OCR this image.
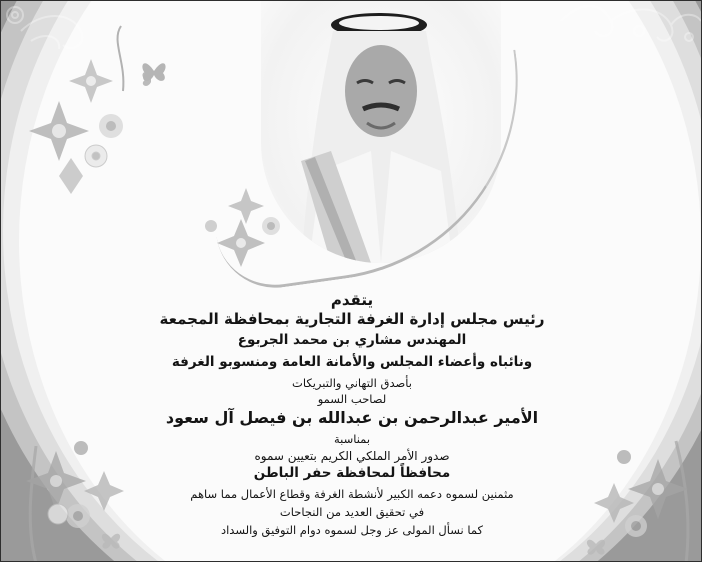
يتقدم
رئيس مجلس إدارة الغرفة التجارية بمحافظة المجمعة
المهندس مشاري بن محمد الجربوع
ونائباه وأعضاء المجلس والأمانة العامة ومنسوبو الغرفة
بأصدق التهاني والتبريكات
لصاحب السمو
الأمير عبدالرحمن بن عبدالله بن فيصل آل سعود
بمناسبة
صدور الأمر الملكي الكريم بتعيين سموه
محافظاً لمحافظة حفر الباطن
مثمنين لسموه دعمه الكبير لأنشطة الغرفة وقطاع الأعمال مما ساهم
في تحقيق العديد من النجاحات
كما نسأل المولى عز وجل لسموه دوام التوفيق والسداد
